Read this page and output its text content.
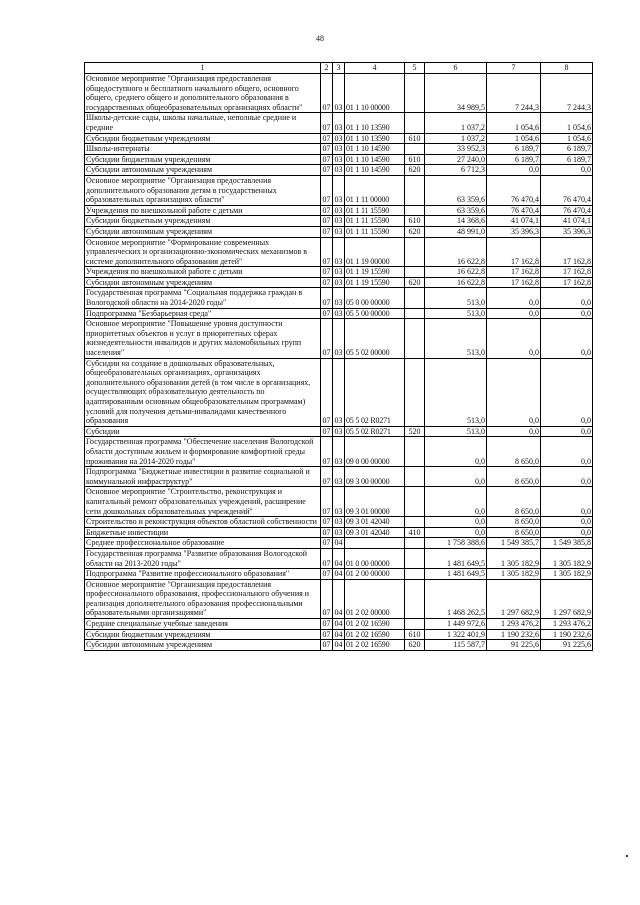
48
1	2	3	4	5	6	7	8
Основное мероприятие "Организация предоставления общедоступного и бесплатного начального общего, основного общего, среднего общего и дополнительного образования в государственных общеобразовательных организациях области"	07	03	01 1 10 00000		34 989,5	7 244,3	7 244,3
Школы-детские сады, школы начальные, неполные средние и средние	07	03	01 1 10 13590		1 037,2	1 054,6	1 054,6
Субсидии бюджетным учреждениям	07	03	01 1 10 13590	610	1 037,2	1 054,6	1 054,6
Школы-интернаты	07	03	01 1 10 14590		33 952,3	6 189,7	6 189,7
Субсидии бюджетным учреждениям	07	03	01 1 10 14590	610	27 240,0	6 189,7	6 189,7
Субсидии автономным учреждениям	07	03	01 1 10 14590	620	6 712,3	0,0	0,0
Основное мероприятие "Организация предоставления дополнительного образования детям в государственных образовательных организациях области"	07	03	01 1 11 00000		63 359,6	76 470,4	76 470,4
Учреждения по внешкольной работе с детьми	07	03	01 1 11 15590		63 359,6	76 470,4	76 470,4
Субсидии бюджетным учреждениям	07	03	01 1 11 15590	610	14 368,6	41 074,1	41 074,1
Субсидии автономным учреждениям	07	03	01 1 11 15590	620	48 991,0	35 396,3	35 396,3
Основное мероприятие "Формирование современных управленческих и организационно-экономических механизмов в системе дополнительного образования детей"	07	03	01 1 19 00000		16 622,8	17 162,8	17 162,8
Учреждения по внешкольной работе с детьми	07	03	01 1 19 15590		16 622,8	17 162,8	17 162,8
Субсидии автономным учреждениям	07	03	01 1 19 15590	620	16 622,8	17 162,8	17 162,8
Государственная программа "Социальная поддержка граждан в Вологодской области на 2014-2020 годы"	07	03	05 0 00 00000		513,0	0,0	0,0
Подпрограмма "Безбарьерная среда"	07	03	05 5 00 00000		513,0	0,0	0,0
Основное мероприятие "Повышение уровня доступности приоритетных объектов и услуг в приоритетных сферах жизнедеятельности инвалидов и других маломобильных групп населения"	07	03	05 5 02 00000		513,0	0,0	0,0
Субсидии на создание в дошкольных образовательных, общеобразовательных организациях, организациях дополнительного образования детей (в том числе в организациях, осуществляющих образовательную деятельность по адаптированным основным общеобразовательным программам) условий для получения детьми-инвалидами качественного образования	07	03	05 5 02 R0271		513,0	0,0	0,0
Субсидии	07	03	05 5 02 R0271	520	513,0	0,0	0,0
Государственная программа "Обеспечение населения Вологодской области доступным жильем и формирование комфортной среды проживания на 2014-2020 годы"	07	03	09 0 00 00000		0,0	8 650,0	0,0
Подпрограмма "Бюджетные инвестиции в развитие социальной и коммунальной инфраструктур"	07	03	09 3 00 00000		0,0	8 650,0	0,0
Основное мероприятие "Строительство, реконструкция и капитальный ремонт образовательных учреждений, расширение сети дошкольных образовательных учреждений"	07	03	09 3 01 00000		0,0	8 650,0	0,0
Строительство и реконструкция объектов областной собственности	07	03	09 3 01 42040		0,0	8 650,0	0,0
Бюджетные инвестиции	07	03	09 3 01 42040	410	0,0	8 650,0	0,0
Среднее профессиональное образование	07	04			1 758 388,6	1 549 385,7	1 549 385,8
Государственная программа "Развитие образования Вологодской области на 2013-2020 годы"	07	04	01 0 00 00000		1 481 649,5	1 305 182,9	1 305 182,9
Подпрограмма "Развитие профессионального образования"	07	04	01 2 00 00000		1 481 649,5	1 305 182,9	1 305 182,9
Основное мероприятие "Организация предоставления профессионального образования, профессионального обучения и реализация дополнительного образования профессиональными образовательными организациями"	07	04	01 2 02 00000		1 468 262,5	1 297 682,9	1 297 682,9
Средние специальные учебные заведения	07	04	01 2 02 16590		1 449 972,6	1 293 476,2	1 293 476,2
Субсидии бюджетным учреждениям	07	04	01 2 02 16590	610	1 322 401,9	1 190 232,6	1 190 232,6
Субсидии автономным учреждениям	07	04	01 2 02 16590	620	115 587,7	91 225,6	91 225,6
